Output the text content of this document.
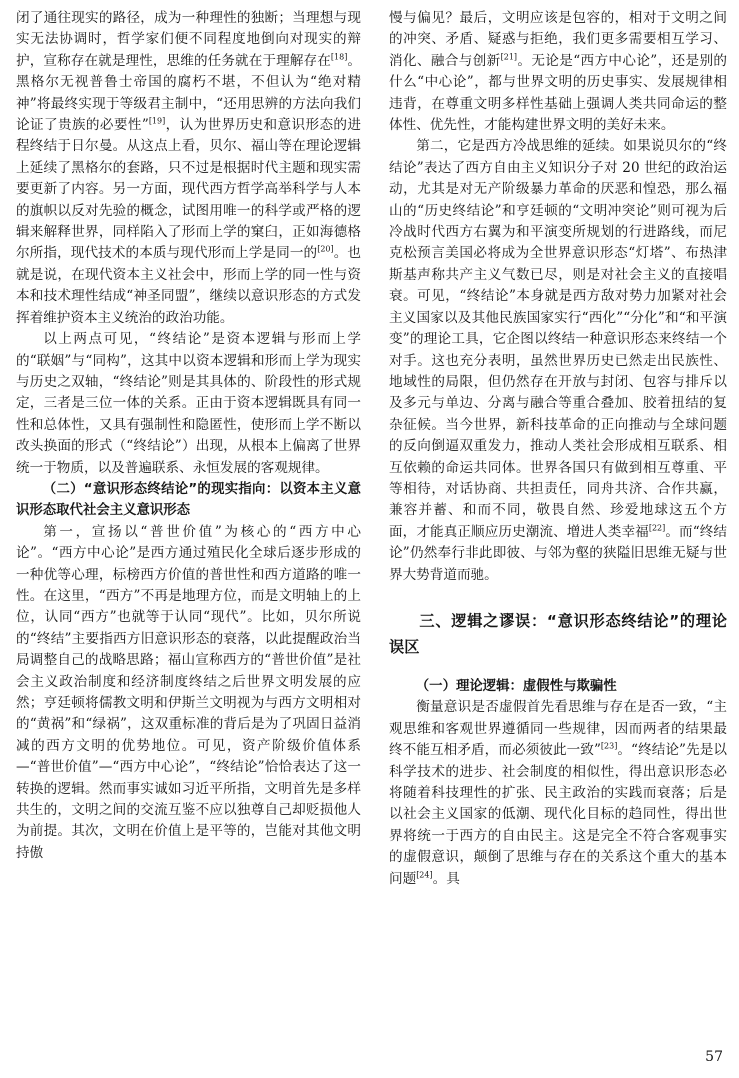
闭了通往现实的路径，成为一种理性的独断；当理想与现实无法协调时，哲学家们便不同程度地倒向对现实的辩护，宣称存在就是理性，思维的任务就在于理解存在[18]。黑格尔无视普鲁士帝国的腐朽不堪，不但认为“绝对精神”将最终实现于等级君主制中，“还用思辨的方法向我们论证了贵族的必要性”[19]，认为世界历史和意识形态的进程终结于日尔曼。从这点上看，贝尔、福山等在理论逻辑上延续了黑格尔的套路，只不过是根据时代主题和现实需要更新了内容。另一方面，现代西方哲学高举科学与人本的旗帜以反对先验的概念，试图用唯一的科学或严格的逻辑来解释世界，同样陷入了形而上学的窠臼，正如海德格尔所指，现代技术的本质与现代形而上学是同一的[20]。也就是说，在现代资本主义社会中，形而上学的同一性与资本和技术理性结成“神圣同盟”，继续以意识形态的方式发挥着维护资本主义统治的政治功能。

以上两点可见，“终结论”是资本逻辑与形而上学的“联姻”与“同构”，这其中以资本逻辑和形而上学为现实与历史之双轴，“终结论”则是其具体的、阶段性的形式规定，三者是三位一体的关系。正由于资本逻辑既具有同一性和总体性，又具有强制性和隐匿性，使形而上学不断以改头换面的形式（“终结论”）出现，从根本上偏离了世界统一于物质，以及普遍联系、永恒发展的客观规律。

（二）“意识形态终结论”的现实指向：以资本主义意识形态取代社会主义意识形态

第一，宣扬以“普世价值”为核心的“西方中心论”。“西方中心论”是西方通过殖民化全球后逐步形成的一种优等心理，标榜西方价值的普世性和西方道路的唯一性。在这里，“西方”不再是地理方位，而是文明轴上的上位，认同“西方”也就等于认同“现代”。比如，贝尔所说的“终结”主要指西方旧意识形态的衰落，以此提醒政治当局调整自己的战略思路；福山宣称西方的“普世价值”是社会主义政治制度和经济制度终结之后世界文明发展的应然；亨廷顿将儒教文明和伊斯兰文明视为与西方文明相对的“黄祸”和“绿祸”，这双重标准的背后是为了巩固日益消减的西方文明的优势地位。可见，资产阶级价值体系—“普世价值”—“西方中心论”，“终结论”恰恰表达了这一转换的逻辑。然而事实诚如习近平所指，文明首先是多样共生的，文明之间的交流互鉴不应以独尊自己却贬损他人为前提。其次，文明在价值上是平等的，岂能对其他文明持傲

慢与偏见？最后，文明应该是包容的，相对于文明之间的冲突、矛盾、疑惑与拒绝，我们更多需要相互学习、消化、融合与创新[21]。无论是“西方中心论”，还是别的什么“中心论”，都与世界文明的历史事实、发展规律相违背，在尊重文明多样性基础上强调人类共同命运的整体性、优先性，才能构建世界文明的美好未来。

第二，它是西方冷战思维的延续。如果说贝尔的“终结论”表达了西方自由主义知识分子对 20 世纪的政治运动，尤其是对无产阶级暴力革命的厌恶和惶恐，那么福山的“历史终结论”和亨廷顿的“文明冲突论”则可视为后冷战时代西方右翼为和平演变所规划的行进路线，而尼克松预言美国必将成为全世界意识形态“灯塔”、布热津斯基声称共产主义气数已尽，则是对社会主义的直接唱衰。可见，“终结论”本身就是西方敌对势力加紧对社会主义国家以及其他民族国家实行“西化”“分化”和“和平演变”的理论工具，它企图以终结一种意识形态来终结一个对手。这也充分表明，虽然世界历史已然走出民族性、地域性的局限，但仍然存在开放与封闭、包容与排斥以及多元与单边、分离与融合等重合叠加、胶着扭结的复杂征候。当今世界，新科技革命的正向推动与全球问题的反向倒逼双重发力，推动人类社会形成相互联系、相互依赖的命运共同体。世界各国只有做到相互尊重、平等相待，对话协商、共担责任，同舟共济、合作共赢，兼容并蓄、和而不同，敬畏自然、珍爱地球这五个方面，才能真正顺应历史潮流、增进人类幸福[22]。而“终结论”仍然奉行非此即彼、与邻为壑的狭隘旧思维无疑与世界大势背道而驰。

三、逻辑之谬误：“意识形态终结论”的理论误区
（一）理论逻辑：虚假性与欺骗性

衡量意识是否虚假首先看思维与存在是否一致，“主观思维和客观世界遵循同一些规律，因而两者的结果最终不能互相矛盾，而必须彼此一致”[23]。“终结论”先是以科学技术的进步、社会制度的相似性，得出意识形态必将随着科技理性的扩张、民主政治的实践而衰落；后是以社会主义国家的低潮、现代化目标的趋同性，得出世界将统一于西方的自由民主。这是完全不符合客观事实的虚假意识，颠倒了思维与存在的关系这个重大的基本问题[24]。具

57
